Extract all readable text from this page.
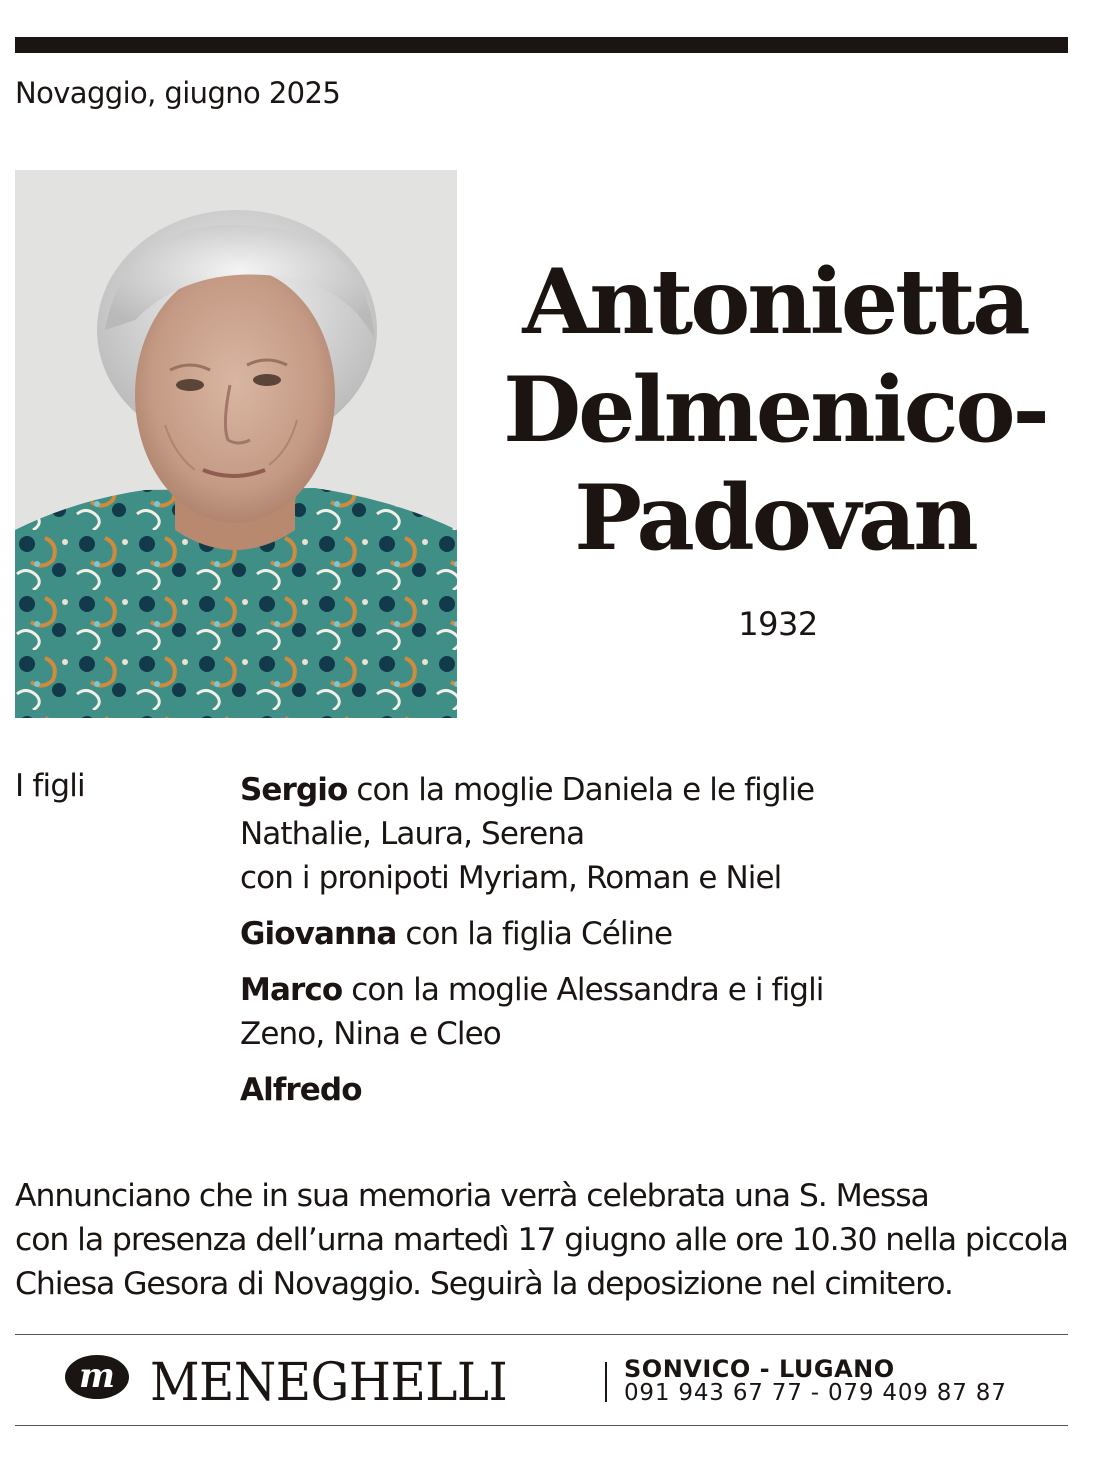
Novaggio, giugno 2025
Antonietta
Delmenico-
Padovan
1932
I figli	Sergio con la moglie Daniela e le figlie
Nathalie, Laura, Serena
con i pronipoti Myriam, Roman e Niel
Giovanna con la figlia Céline
Marco con la moglie Alessandra e i figli
Zeno, Nina e Cleo
Alfredo
Annunciano che in sua memoria verrà celebrata una S. Messa
con la presenza dell’urna martedì 17 giugno alle ore 10.30 nella piccola
Chiesa Gesora di Novaggio. Seguirà la deposizione nel cimitero.
m MENEGHELLI	SONVICO - LUGANO
091 943 67 77 - 079 409 87 87
